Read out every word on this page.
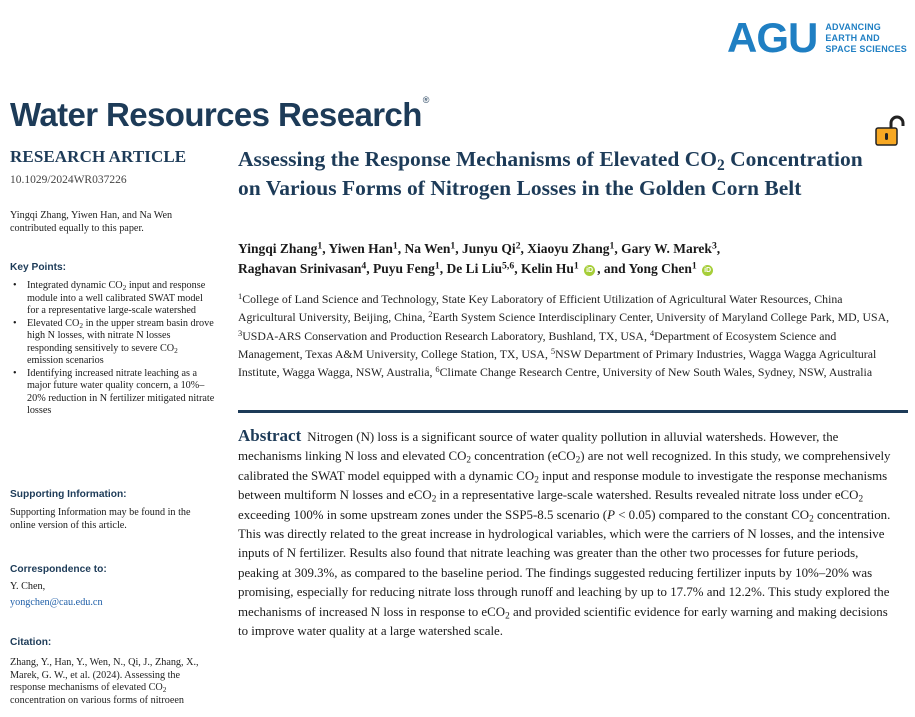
AGU ADVANCING
EARTH AND
SPACE SCIENCES
Water Resources Research®
RESEARCH ARTICLE
10.1029/2024WR037226
Yingqi Zhang, Yiwen Han, and Na Wen contributed equally to this paper.
Key Points:
• Integrated dynamic $CO_2$ input and response module into a well calibrated SWAT model for a representative large-scale watershed
• Elevated $CO_2$ in the upper stream basin drove high N losses, with nitrate N losses responding sensitively to severe $CO_2$ emission scenarios
• Identifying increased nitrate leaching as a major future water quality concern, a 10%–20% reduction in N fertilizer mitigated nitrate losses
Supporting Information:
Supporting Information may be found in the online version of this article.
Correspondence to:
Y. Chen,
yongchen@cau.edu.cn
Citation:
Zhang, Y., Han, Y., Wen, N., Qi, J., Zhang, X., Marek, G. W., et al. (2024). Assessing the response mechanisms of elevated $CO_2$ concentration on various forms of nitroeen
Assessing the Response Mechanisms of Elevated $CO_2$ Concentration on Various Forms of Nitrogen Losses in the Golden Corn Belt
Yingqi Zhang$^1$, Yiwen Han$^1$, Na Wen$^1$, Junyu Qi$^2$, Xiaoyu Zhang$^1$, Gary W. Marek$^3$,
Raghavan Srinivasan$^4$, Puyu Feng$^1$, De Li Liu$^{5,6}$, Kelin Hu$^1$ iD , and Yong Chen$^1$ iD
$^1$College of Land Science and Technology, State Key Laboratory of Efficient Utilization of Agricultural Water Resources, China Agricultural University, Beijing, China, $^2$Earth System Science Interdisciplinary Center, University of Maryland College Park, MD, USA, $^3$USDA-ARS Conservation and Production Research Laboratory, Bushland, TX, USA, $^4$Department of Ecosystem Science and Management, Texas A&M University, College Station, TX, USA, $^5$NSW Department of Primary Industries, Wagga Wagga Agricultural Institute, Wagga Wagga, NSW, Australia, $^6$Climate Change Research Centre, University of New South Wales, Sydney, NSW, Australia
Abstract Nitrogen (N) loss is a significant source of water quality pollution in alluvial watersheds. However, the mechanisms linking N loss and elevated $CO_2$ concentration (eCO$_2$) are not well recognized. In this study, we comprehensively calibrated the SWAT model equipped with a dynamic $CO_2$ input and response module to investigate the response mechanisms between multiform N losses and eCO$_2$ in a representative large-scale watershed. Results revealed nitrate loss under eCO$_2$ exceeding 100% in some upstream zones under the SSP5-8.5 scenario (P < 0.05) compared to the constant $CO_2$ concentration. This was directly related to the great increase in hydrological variables, which were the carriers of N losses, and the intensive inputs of N fertilizer. Results also found that nitrate leaching was greater than the other two processes for future periods, peaking at 309.3%, as compared to the baseline period. The findings suggested reducing fertilizer inputs by 10%–20% was promising, especially for reducing nitrate loss through runoff and leaching by up to 17.7% and 12.2%. This study explored the mechanisms of increased N loss in response to eCO$_2$ and provided scientific evidence for early warning and making decisions to improve water quality at a large watershed scale.
